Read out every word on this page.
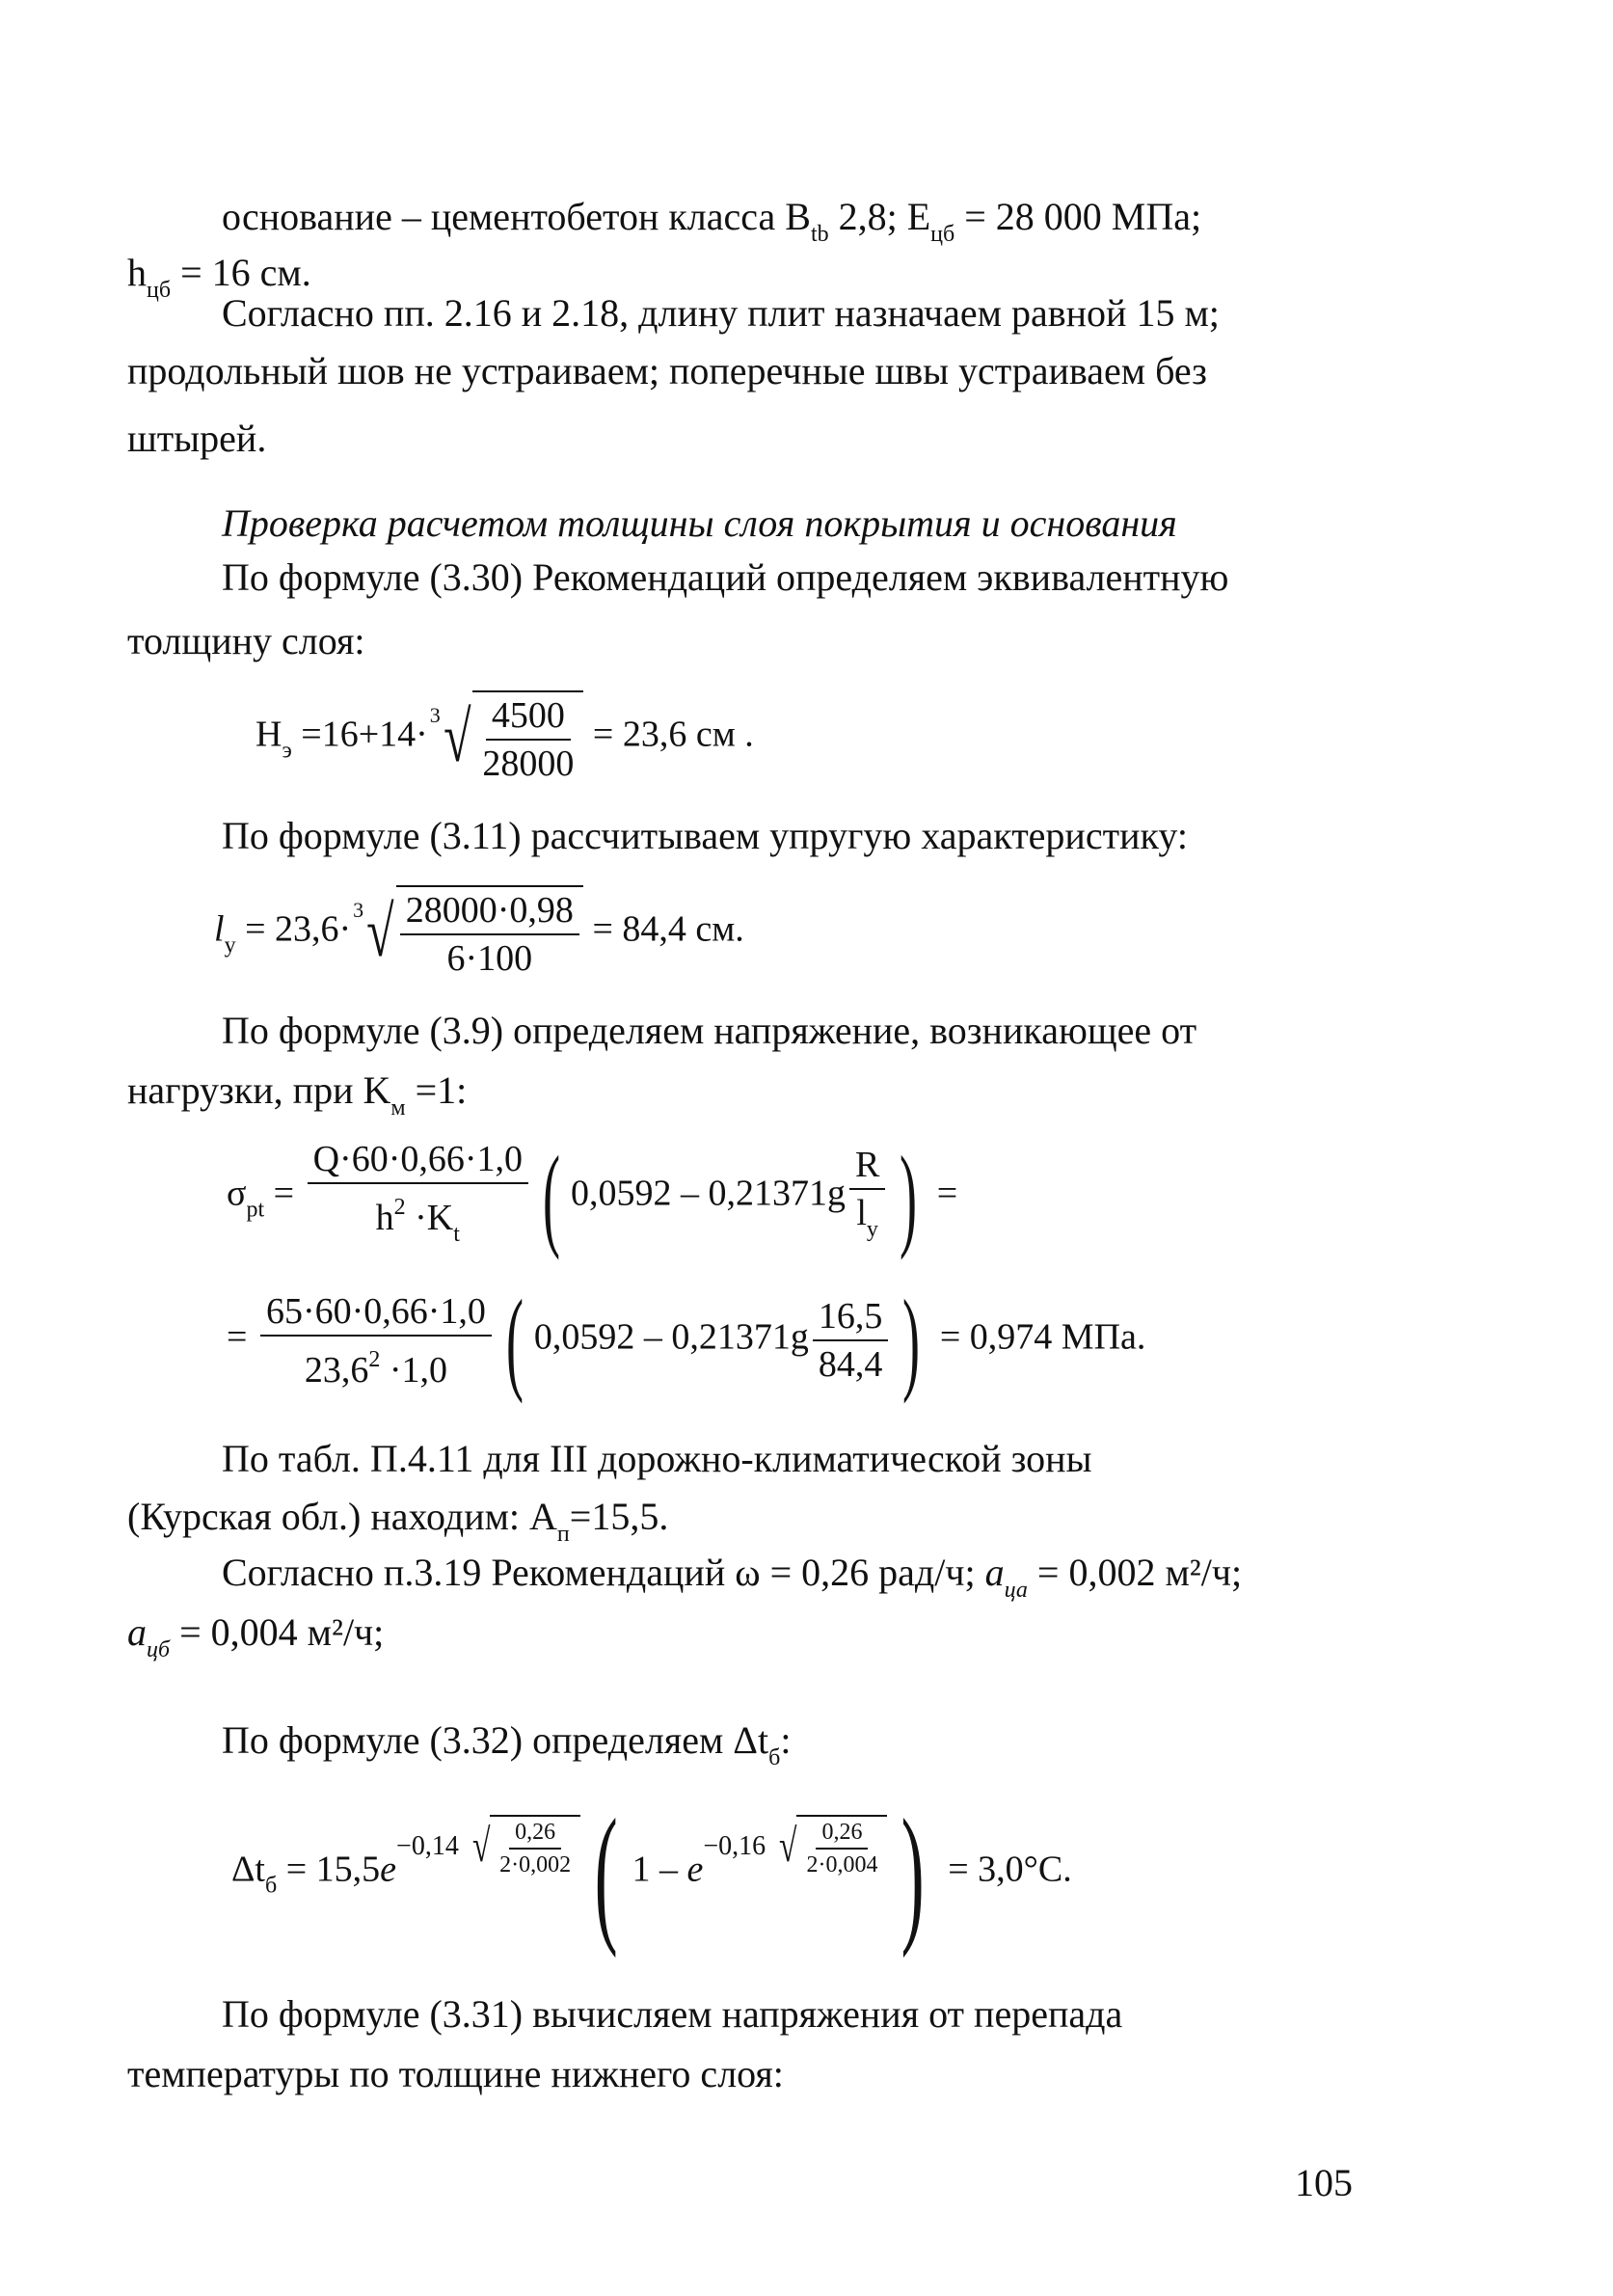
основание – цементобетон класса $B_{tb}$ 2,8; $E_{цб} = 28$ 000 МПа;
$h_{цб} = 16$ см.
Согласно пп. 2.16 и 2.18, длину плит назначаем равной 15 м;
продольный шов не устраиваем; поперечные швы устраиваем без
штырей.
Проверка расчетом толщины слоя покрытия и основания
По формуле (3.30) Рекомендаций определяем эквивалентную
толщину слоя:
$H_э =16+14\cdot 3$ √ $\frac{4500}{28000} = 23,6$ см .
По формуле (3.11) рассчитываем упругую характеристику:
$l_y = 23,6\cdot 3$ √ $\frac{28000\cdot 0,98}{6\cdot 100} = 84,4$ см.
По формуле (3.9) определяем напряжение, возникающее от
нагрузки, при $K_м =1$:
$\sigma_{pt} = \frac{Q\cdot 60\cdot 0,66\cdot 1,0}{h^2 \cdot K_t}$ ( $0,0592 - 0,21371g \frac{R}{l_y}$ ) =
= $\frac{65\cdot 60\cdot 0,66\cdot 1,0}{23,6^2 \cdot 1,0}$ ( $0,0592 - 0,21371g \frac{16,5}{84,4}$ ) = 0,974 МПа.
По табл. П.4.11 для III дорожно-климатической зоны
(Курская обл.) находим: $A_п=15,5$.
Согласно п.3.19 Рекомендаций ω = 0,26 рад/ч; $a_{ца} = 0,002$ м²/ч;
$a_{цб} = 0,004$ м²/ч;
По формуле (3.32) определяем $\Delta t_б$:
$\Delta t_б = 15,5e$
−0,14 √ $\frac{0,26}{2\cdot 0,002}$ ( 1 – e
−0,16 √ $\frac{0,26}{2\cdot 0,004}$ ) = 3,0°C.
По формуле (3.31) вычисляем напряжения от перепада
температуры по толщине нижнего слоя:
105
